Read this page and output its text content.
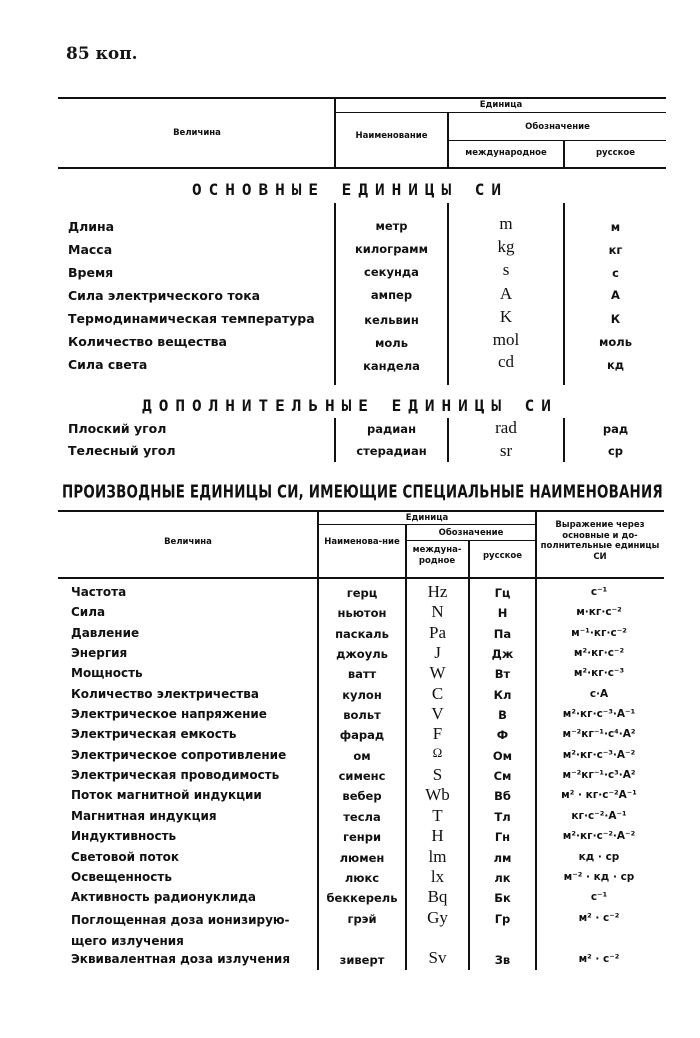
85 коп.
Величина
Единица
Наименование
Обозначение
международное	русское
ОСНОВНЫЕ ЕДИНИЦЫ СИ
Длина
Масса
Время
Сила электрического тока
Термодинамическая температура
Количество вещества
Сила света
метр
килограмм
секунда
ампер
кельвин
моль
кандела
m
kg
s
A
K
mol
cd
м
кг
с
А
К
моль
кд
ДОПОЛНИТЕЛЬНЫЕ ЕДИНИЦЫ СИ
Плоский угол
Телесный угол
радиан
стерадиан
rad
sr
рад
ср
ПРОИЗВОДНЫЕ ЕДИНИЦЫ СИ, ИМЕЮЩИЕ СПЕЦИАЛЬНЫЕ НАИМЕНОВАНИЯ
Величина
Единица
Наименова-ние
Обозначение
междуна-родное	русское
Выражение через основные и до-полнительные единицы СИ
Частота
Сила
Давление
Энергия
Мощность
Количество электричества
Электрическое напряжение
Электрическая емкость
Электрическое сопротивление
Электрическая проводимость
Поток магнитной индукции
Магнитная индукция
Индуктивность
Световой поток
Освещенность
Активность радионуклида
Поглощенная доза ионизирую-щего излучения
Эквивалентная доза излучения
герц
ньютон
паскаль
джоуль
ватт
кулон
вольт
фарад
ом
сименс
вебер
тесла
генри
люмен
люкс
беккерель
грэй
зиверт
Hz
N
Pa
J
W
C
V
F
Ω
S
Wb
T
H
lm
lx
Bq
Gy
Sv
Гц
Н
Па
Дж
Вт
Кл
В
Ф
Ом
См
Вб
Тл
Гн
лм
лк
Бк
Гр
Зв
с⁻¹
м·кг·с⁻²
м⁻¹·кг·с⁻²
м²·кг·с⁻²
м²·кг·с⁻³
с·А
м²·кг·с⁻³·А⁻¹
м⁻²кг⁻¹·с⁴·А²
м²·кг·с⁻³·А⁻²
м⁻²кг⁻¹·с³·А²
м² · кг·с⁻²А⁻¹
кг·с⁻²·А⁻¹
м²·кг·с⁻²·А⁻²
кд · ср
м⁻² · кд · ср
с⁻¹
м² · с⁻²
м² · с⁻²
